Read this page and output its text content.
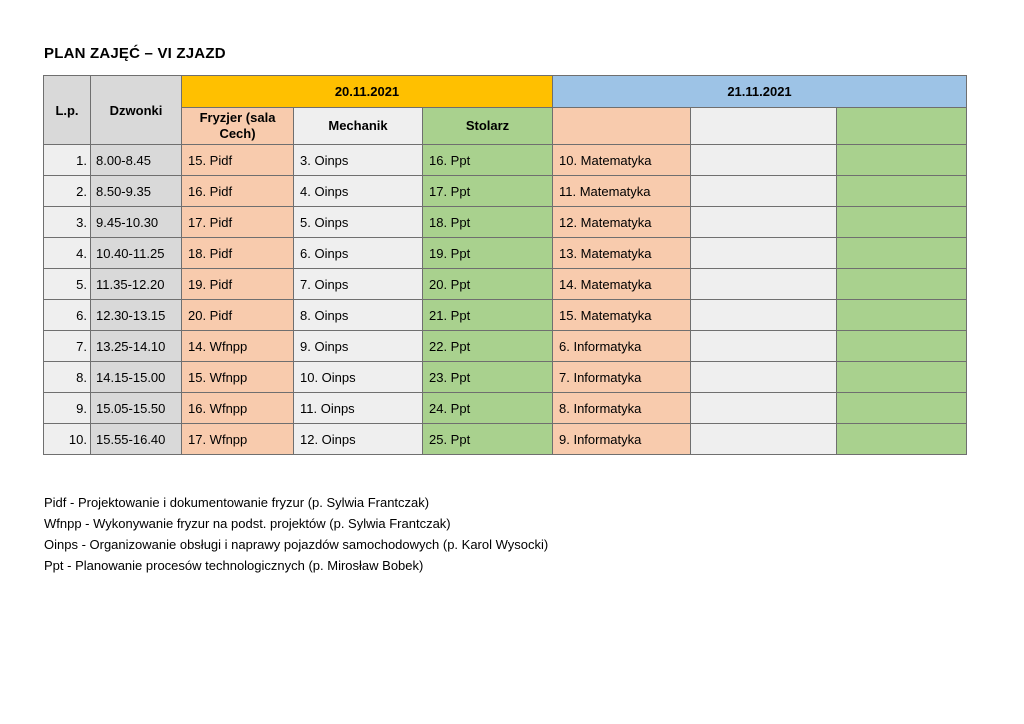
PLAN ZAJĘĆ – VI ZJAZD
L.p.	Dzwonki	20.11.2021			21.11.2021		
		Fryzjer (sala Cech)	Mechanik	Stolarz			
1.	8.00-8.45	15. Pidf	3. Oinps	16. Ppt	10. Matematyka		
2.	8.50-9.35	16. Pidf	4. Oinps	17. Ppt	11. Matematyka		
3.	9.45-10.30	17. Pidf	5. Oinps	18. Ppt	12. Matematyka		
4.	10.40-11.25	18. Pidf	6. Oinps	19. Ppt	13. Matematyka		
5.	11.35-12.20	19. Pidf	7. Oinps	20. Ppt	14. Matematyka		
6.	12.30-13.15	20. Pidf	8. Oinps	21. Ppt	15. Matematyka		
7.	13.25-14.10	14. Wfnpp	9. Oinps	22. Ppt	6. Informatyka		
8.	14.15-15.00	15. Wfnpp	10. Oinps	23. Ppt	7. Informatyka		
9.	15.05-15.50	16. Wfnpp	11. Oinps	24. Ppt	8. Informatyka		
10.	15.55-16.40	17. Wfnpp	12. Oinps	25. Ppt	9. Informatyka		
Pidf - Projektowanie i dokumentowanie fryzur (p. Sylwia Frantczak)
Wfnpp - Wykonywanie fryzur na podst. projektów (p. Sylwia Frantczak)
Oinps - Organizowanie obsługi i naprawy pojazdów samochodowych (p. Karol Wysocki)
Ppt - Planowanie procesów technologicznych (p. Mirosław Bobek)
